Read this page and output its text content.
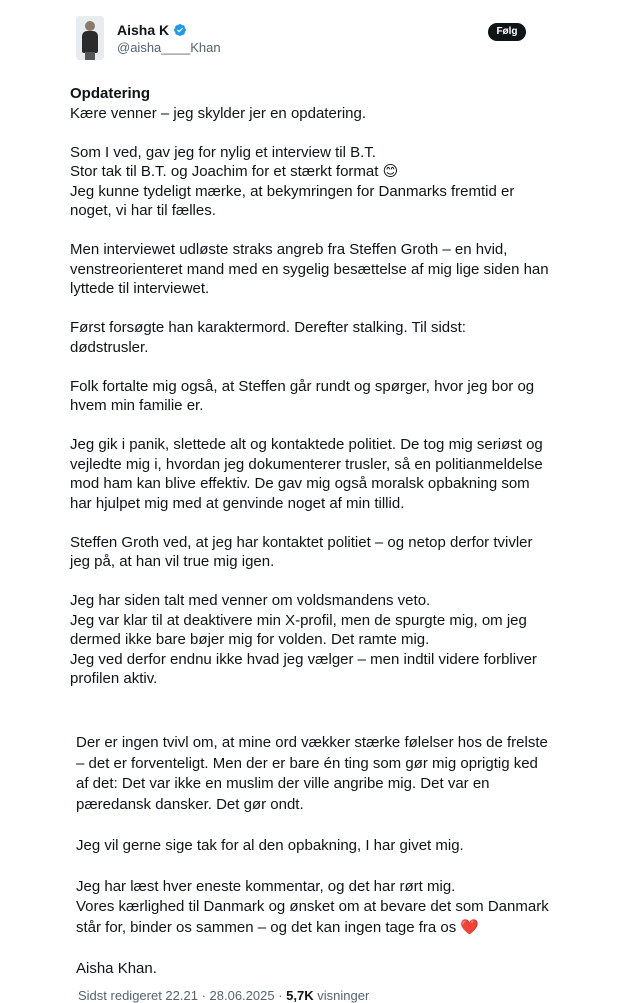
Aisha K
@aisha____Khan
Følg
Opdatering

Kære venner – jeg skylder jer en opdatering.

Som I ved, gav jeg for nylig et interview til B.T.
Stor tak til B.T. og Joachim for et stærkt format 😊
Jeg kunne tydeligt mærke, at bekymringen for Danmarks fremtid er
noget, vi har til fælles.

Men interviewet udløste straks angreb fra Steffen Groth – en hvid,
venstreorienteret mand med en sygelig besættelse af mig lige siden han
lyttede til interviewet.

Først forsøgte han karaktermord. Derefter stalking. Til sidst:
dødstrusler.

Folk fortalte mig også, at Steffen går rundt og spørger, hvor jeg bor og
hvem min familie er.

Jeg gik i panik, slettede alt og kontaktede politiet. De tog mig seriøst og
vejledte mig i, hvordan jeg dokumenterer trusler, så en politianmeldelse
mod ham kan blive effektiv. De gav mig også moralsk opbakning som
har hjulpet mig med at genvinde noget af min tillid.

Steffen Groth ved, at jeg har kontaktet politiet – og netop derfor tvivler
jeg på, at han vil true mig igen.

Jeg har siden talt med venner om voldsmandens veto.
Jeg var klar til at deaktivere min X-profil, men de spurgte mig, om jeg
dermed ikke bare bøjer mig for volden. Det ramte mig.
Jeg ved derfor endnu ikke hvad jeg vælger – men indtil videre forbliver
profilen aktiv.

Der er ingen tvivl om, at mine ord vækker stærke følelser hos de frelste
– det er forventeligt. Men der er bare én ting som gør mig oprigtig ked
af det: Det var ikke en muslim der ville angribe mig. Det var en
pæredansk dansker. Det gør ondt.

Jeg vil gerne sige tak for al den opbakning, I har givet mig.

Jeg har læst hver eneste kommentar, og det har rørt mig.
Vores kærlighed til Danmark og ønsket om at bevare det som Danmark
står for, binder os sammen – og det kan ingen tage fra os ❤️

Aisha Khan.

Sidst redigeret 22.21 · 28.06.2025 · 5,7K visninger
